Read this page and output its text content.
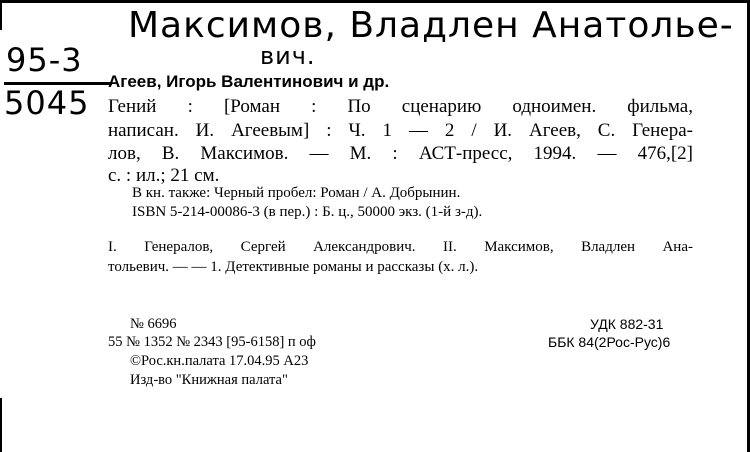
Максимов, Владлен Анатолье-
вич.
95-3
5045
Агеев, Игорь Валентинович и др.
Гений : [Роман : По сценарию одноимен. фильма,
написан. И. Агеевым] : Ч. 1 — 2 / И. Агеев, С. Генера-
лов, В. Максимов. — М. : АСТ-пресс, 1994. — 476,[2]
с. : ил.; 21 см.
В кн. также: Черный пробел: Роман / А. Добрынин.
ISBN 5-214-00086-3 (в пер.) : Б. ц., 50000 экз. (1-й з-д).
I. Генералов, Сергей Александрович. II. Максимов, Владлен Ана-
тольевич. — — 1. Детективные романы и рассказы (х. л.).
№ 6696
55 № 1352 № 2343 [95-6158] п оф
©Рос.кн.палата 17.04.95 А23
Изд-во "Книжная палата"
УДК 882-31
ББК 84(2Рос-Рус)6
